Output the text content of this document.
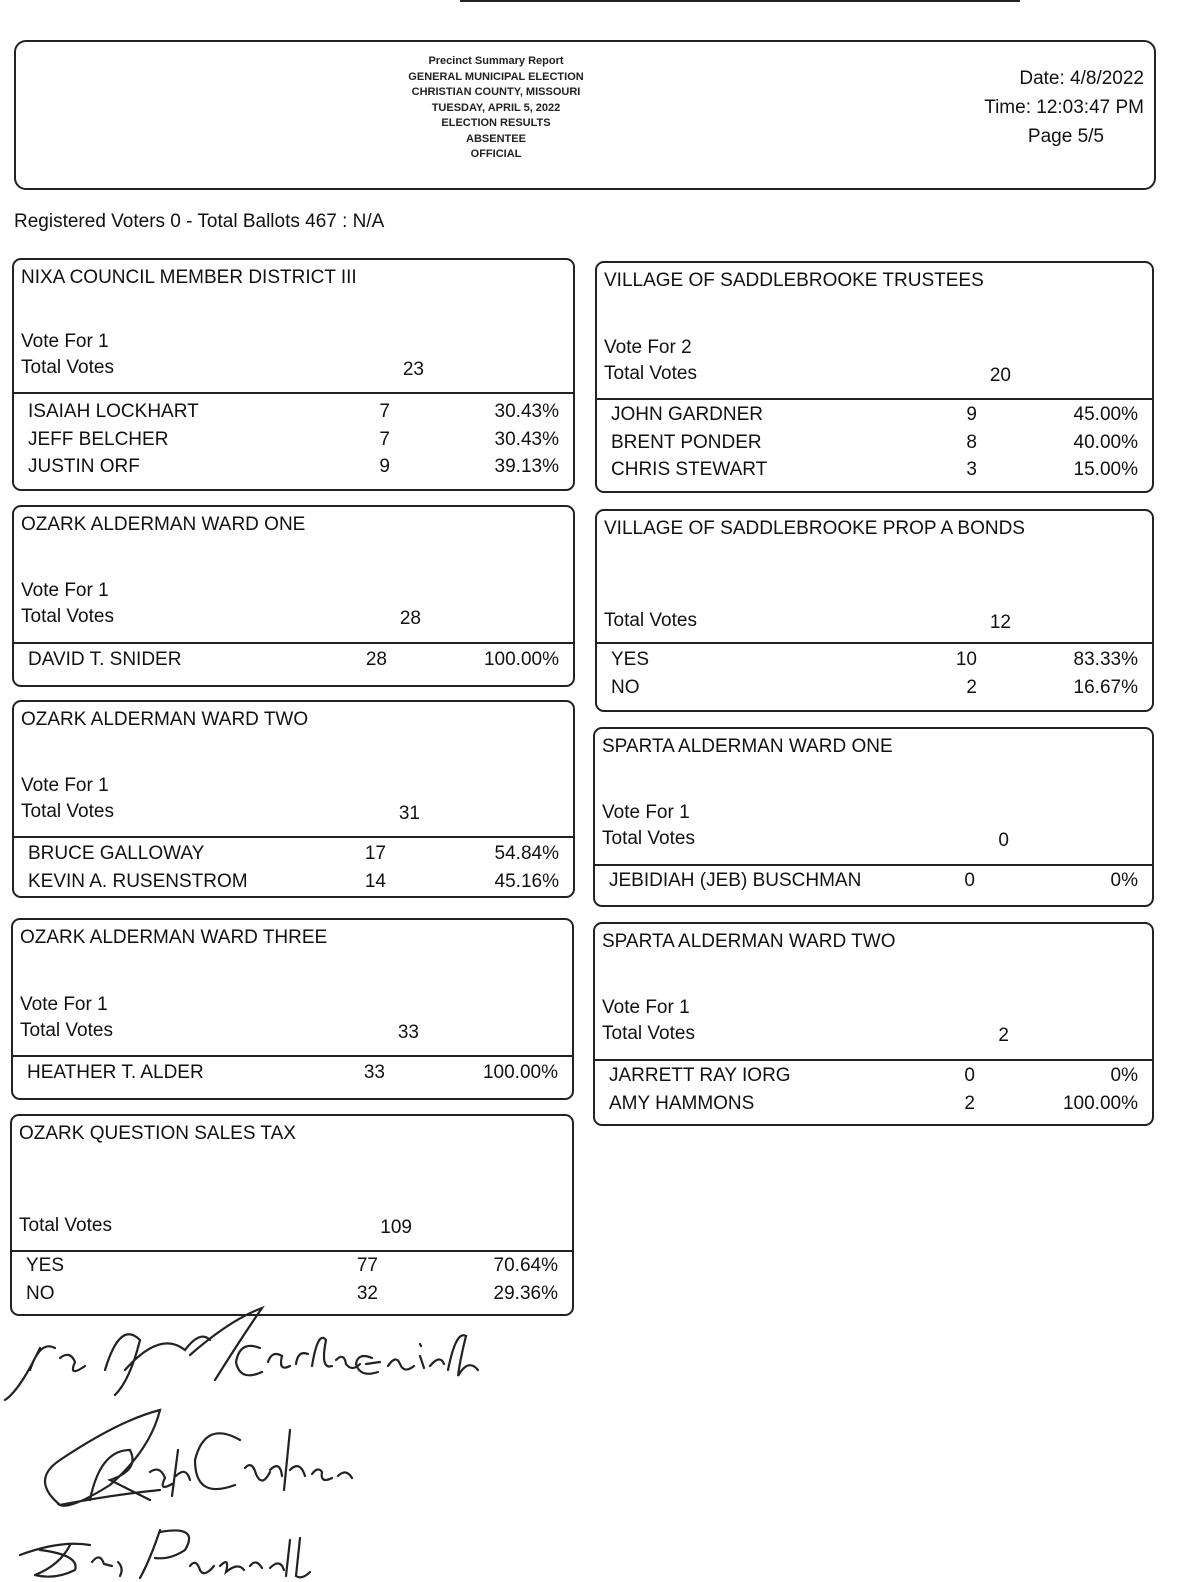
Precinct Summary Report
GENERAL MUNICIPAL ELECTION
CHRISTIAN COUNTY, MISSOURI
TUESDAY, APRIL 5, 2022
ELECTION RESULTS
ABSENTEE
OFFICIAL
Date: 4/8/2022
Time: 12:03:47 PM
Page 5/5
Registered Voters 0 - Total Ballots 467 : N/A
NIXA COUNCIL MEMBER DISTRICT III
Vote For 1
Total Votes	23
ISAIAH LOCKHART	7	30.43%
JEFF BELCHER	7	30.43%
JUSTIN ORF	9	39.13%
OZARK ALDERMAN WARD ONE
Vote For 1
Total Votes	28
DAVID T. SNIDER	28	100.00%
OZARK ALDERMAN WARD TWO
Vote For 1
Total Votes	31
BRUCE GALLOWAY	17	54.84%
KEVIN A. RUSENSTROM	14	45.16%
OZARK ALDERMAN WARD THREE
Vote For 1
Total Votes	33
HEATHER T. ALDER	33	100.00%
OZARK QUESTION SALES TAX
Total Votes	109
YES	77	70.64%
NO	32	29.36%
VILLAGE OF SADDLEBROOKE TRUSTEES
Vote For 2
Total Votes	20
JOHN GARDNER	9	45.00%
BRENT PONDER	8	40.00%
CHRIS STEWART	3	15.00%
VILLAGE OF SADDLEBROOKE PROP A BONDS
Total Votes	12
YES	10	83.33%
NO	2	16.67%
SPARTA ALDERMAN WARD ONE
Vote For 1
Total Votes	0
JEBIDIAH (JEB) BUSCHMAN	0	0%
SPARTA ALDERMAN WARD TWO
Vote For 1
Total Votes	2
JARRETT RAY IORG	0	0%
AMY HAMMONS	2	100.00%
